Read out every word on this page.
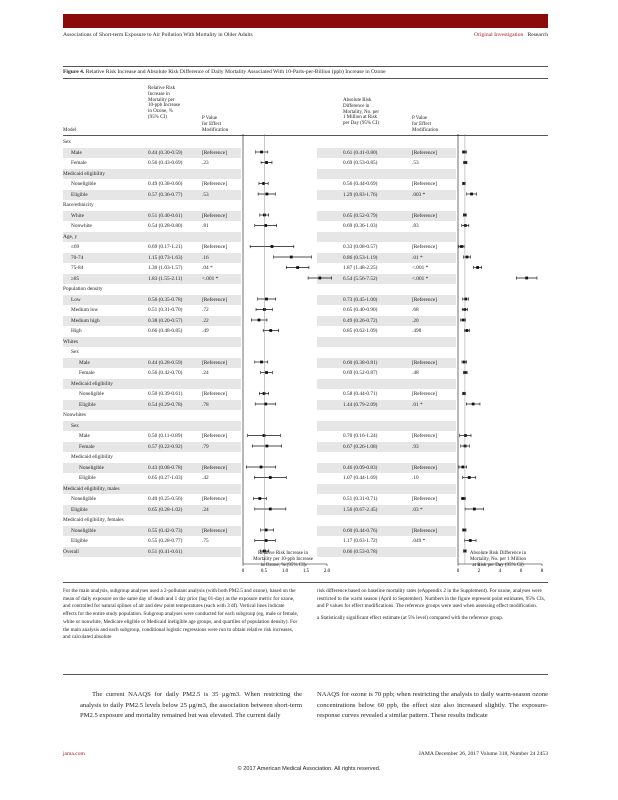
Associations of Short-term Exposure to Air Pollution With Mortality in Older Adults	Original Investigation Research
Figure 4. Relative Risk Increase and Absolute Risk Difference of Daily Mortality Associated With 10-Parts-per-Billion (ppb) Increase in Ozone
Model
Relative Risk
Increase in
Mortality per
10-ppb Increase
in Ozone, %
(95% CI)	P Value
for Effect
Modification
Absolute Risk
Difference in
Mortality, No. per
1 Million at Risk
per Day (95% CI)
P Value
for Effect
Modification
Sex
Male	0.44 (0.30-0.59)	[Reference]	0.61 (0.41-0.80)	[Reference]
Female	0.56 (0.43-0.69)	.23	0.69 (0.53-0.85)	.53
Medicaid eligibility
Noneligible	0.49 (0.38-0.60)	[Reference]	0.56 (0.44-0.69)	[Reference]
Eligible	0.57 (0.36-0.77)	.53	1.29 (0.83-1.76)	.003 *
Race/ethnicity
White	0.51 (0.40-0.61)	[Reference]	0.65 (0.52-0.79)	[Reference]
Nonwhite	0.54 (0.28-0.80)	.81	0.69 (0.36-1.03)	.83
Age, y
≤69	0.69 (0.17-1.21)	[Reference]	0.33 (0.08-0.57)	[Reference]
70-74	1.15 (0.73-1.63)	.16	0.86 (0.53-1.19)	.01 *
75-84	1.30 (1.03-1.57)	.04 *	1.87 (1.48-2.25)	<.001 *
≥85	1.83 (1.55-2.11)	<.001 *	6.54 (5.56-7.52)	<.001 *
Population density
Low	0.56 (0.35-0.78)	[Reference]	0.73 (0.45-1.00)	[Reference]
Medium low	0.51 (0.31-0.70)	.72	0.65 (0.40-0.90)	.68
Medium high	0.38 (0.20-0.57)	.22	0.49 (0.26-0.72)	.20
High	0.66 (0.48-0.85)	.49	0.85 (0.62-1.09)	.498
Whites
Sex
Male	0.44 (0.28-0.59)	[Reference]	0.60 (0.38-0.81)	[Reference]
Female	0.56 (0.42-0.70)	.24	0.69 (0.52-0.87)	.48
Medicaid eligibility
Noneligible	0.50 (0.39-0.61)	[Reference]	0.58 (0.44-0.71)	[Reference]
Eligible	0.54 (0.29-0.78)	.78	1.44 (0.79-2.09)	.01 *
Nonwhites
Sex
Male	0.50 (0.11-0.89)	[Reference]	0.70 (0.16-1.24)	[Reference]
Female	0.57 (0.22-0.92)	.79	0.67 (0.26-1.08)	.93
Medicaid eligibility
Noneligible	0.43 (0.08-0.78)	[Reference]	0.46 (0.09-0.83)	[Reference]
Eligible	0.65 (0.27-1.03)	.42	1.07 (0.44-1.69)	.10
Medicaid eligibility, males
Noneligible	0.40 (0.25-0.56)	[Reference]	0.51 (0.31-0.71)	[Reference]
Eligible	0.65 (0.28-1.02)	.24	1.56 (0.67-2.45)	.03 *
Medicaid eligibility, females
Noneligible	0.55 (0.42-0.73)	[Reference]	0.60 (0.44-0.76)	[Reference]
Eligible	0.55 (0.28-0.77)	.75	1.17 (0.63-1.72)	.049 *
Overall	0.51 (0.41-0.61)	0.66 (0.53-0.78)
0	0.5	1.0	1.5	2.0	0	2	4	6	8
Relative Risk Increase in
Mortality per 10-ppb Increase
in Ozone, % (95% CI)
Absolute Risk Difference in
Mortality, No. per 1 Million
at Risk per Day (95% CI)
For the main analysis, subgroup analyses used a 2-pollutant analysis (with both PM2.5 and ozone), based on the mean of daily exposure on the same day of death and 1 day prior (lag 01-day) as the exposure metric for ozone, and controlled for natural splines of air and dew point temperatures (each with 3 df). Vertical lines indicate effects for the entire study population. Subgroup analyses were conducted for each subgroup (eg, male or female, white or nonwhite, Medicare eligible or Medicaid ineligible age groups, and quartiles of population density). For the main analysis and each subgroup, conditional logistic regressions were run to obtain relative risk increases, and calculated absolute
risk difference based on baseline mortality rates (eAppendix 2 in the Supplement). For ozone, analyses were restricted to the warm season (April to September). Numbers in the figure represent point estimates, 95% CIs, and P values for effect modifications. The reference groups were used when assessing effect modification.
a Statistically significant effect estimate (at 5% level) compared with the reference group.
The current NAAQS for daily PM2.5 is 35 μg/m3. When restricting the analysis to daily PM2.5 levels below 25 μg/m3, the association between short-term PM2.5 exposure and mortality remained but was elevated. The current daily
NAAQS for ozone is 70 ppb; when restricting the analysis to daily warm-season ozone concentrations below 60 ppb, the effect size also increased slightly. The exposure-response curves revealed a similar pattern. These results indicate
jama.com	JAMA December 26, 2017 Volume 318, Number 24 2453
© 2017 American Medical Association. All rights reserved.
